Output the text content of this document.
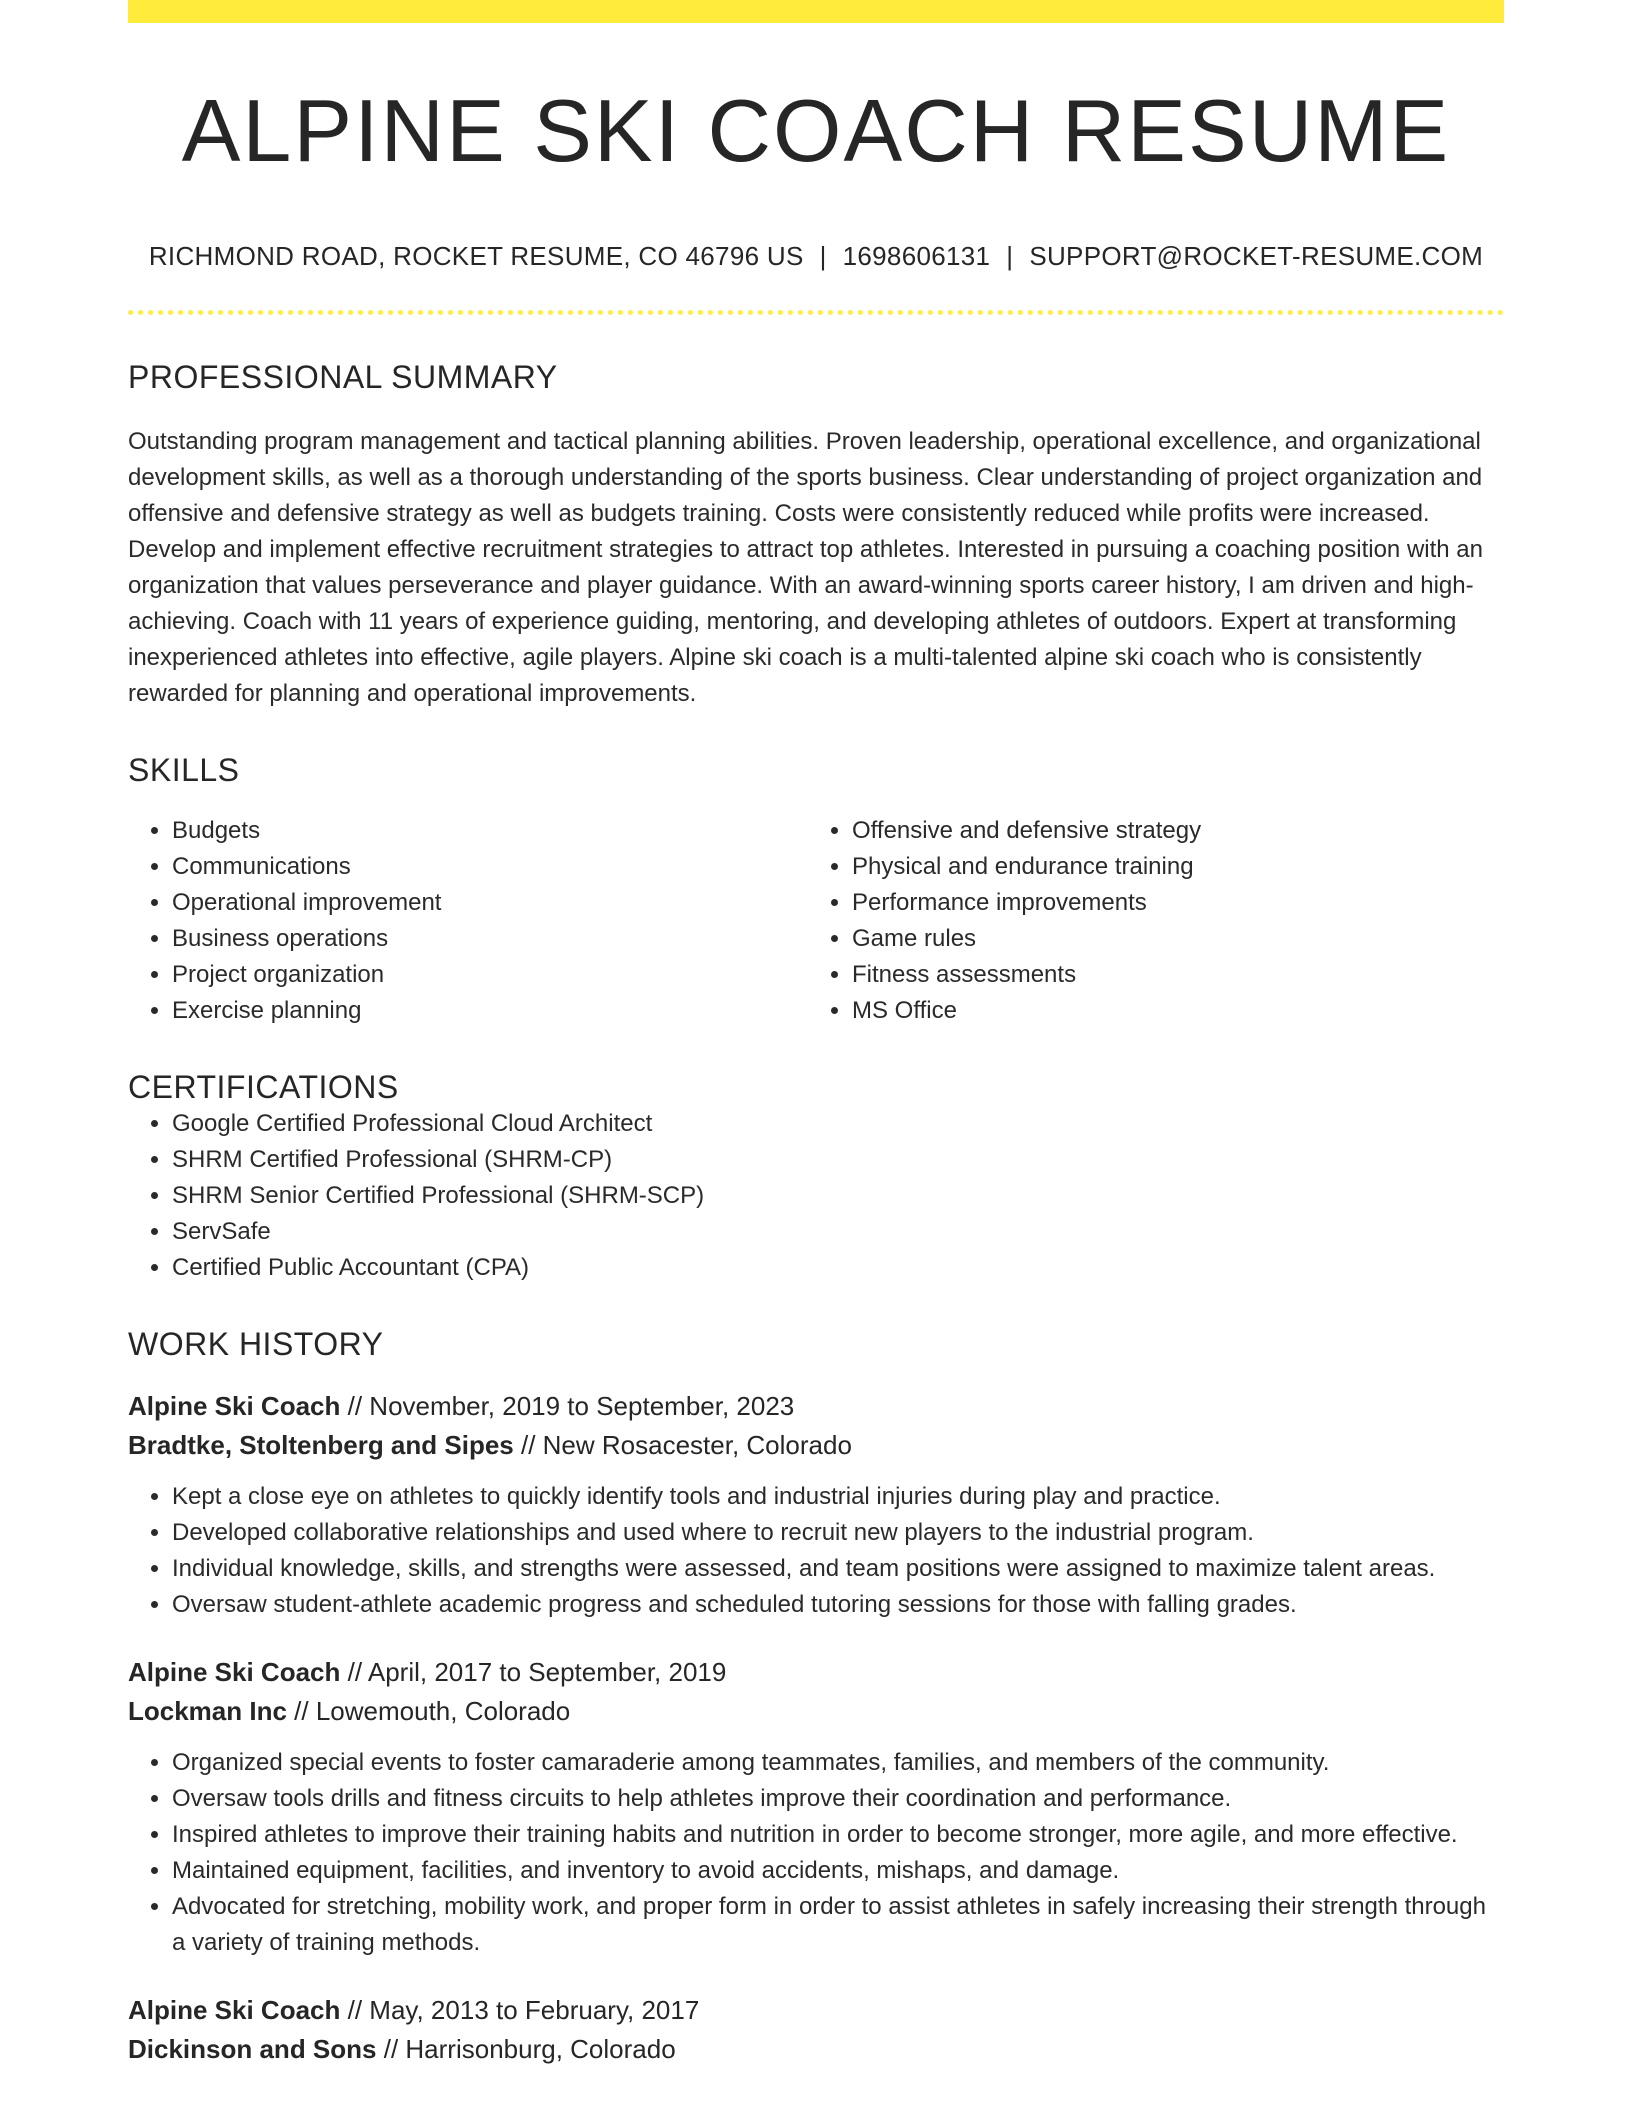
ALPINE SKI COACH RESUME
RICHMOND ROAD, ROCKET RESUME, CO 46796 US | 1698606131 | SUPPORT@ROCKET-RESUME.COM
PROFESSIONAL SUMMARY

Outstanding program management and tactical planning abilities. Proven leadership, operational excellence, and organizational development skills, as well as a thorough understanding of the sports business. Clear understanding of project organization and offensive and defensive strategy as well as budgets training. Costs were consistently reduced while profits were increased. Develop and implement effective recruitment strategies to attract top athletes. Interested in pursuing a coaching position with an organization that values perseverance and player guidance. With an award-winning sports career history, I am driven and high-achieving. Coach with 11 years of experience guiding, mentoring, and developing athletes of outdoors. Expert at transforming inexperienced athletes into effective, agile players. Alpine ski coach is a multi-talented alpine ski coach who is consistently rewarded for planning and operational improvements.

SKILLS
• Budgets
• Communications
• Operational improvement
• Business operations
• Project organization
• Exercise planning
• Offensive and defensive strategy
• Physical and endurance training
• Performance improvements
• Game rules
• Fitness assessments
• MS Office
CERTIFICATIONS
• Google Certified Professional Cloud Architect
• SHRM Certified Professional (SHRM-CP)
• SHRM Senior Certified Professional (SHRM-SCP)
• ServSafe
• Certified Public Accountant (CPA)
WORK HISTORY
Alpine Ski Coach // November, 2019 to September, 2023
Bradtke, Stoltenberg and Sipes // New Rosacester, Colorado
• Kept a close eye on athletes to quickly identify tools and industrial injuries during play and practice.
• Developed collaborative relationships and used where to recruit new players to the industrial program.
• Individual knowledge, skills, and strengths were assessed, and team positions were assigned to maximize talent areas.
• Oversaw student-athlete academic progress and scheduled tutoring sessions for those with falling grades.
Alpine Ski Coach // April, 2017 to September, 2019
Lockman Inc // Lowemouth, Colorado
• Organized special events to foster camaraderie among teammates, families, and members of the community.
• Oversaw tools drills and fitness circuits to help athletes improve their coordination and performance.
• Inspired athletes to improve their training habits and nutrition in order to become stronger, more agile, and more effective.
• Maintained equipment, facilities, and inventory to avoid accidents, mishaps, and damage.
• Advocated for stretching, mobility work, and proper form in order to assist athletes in safely increasing their strength through a variety of training methods.
Alpine Ski Coach // May, 2013 to February, 2017
Dickinson and Sons // Harrisonburg, Colorado
